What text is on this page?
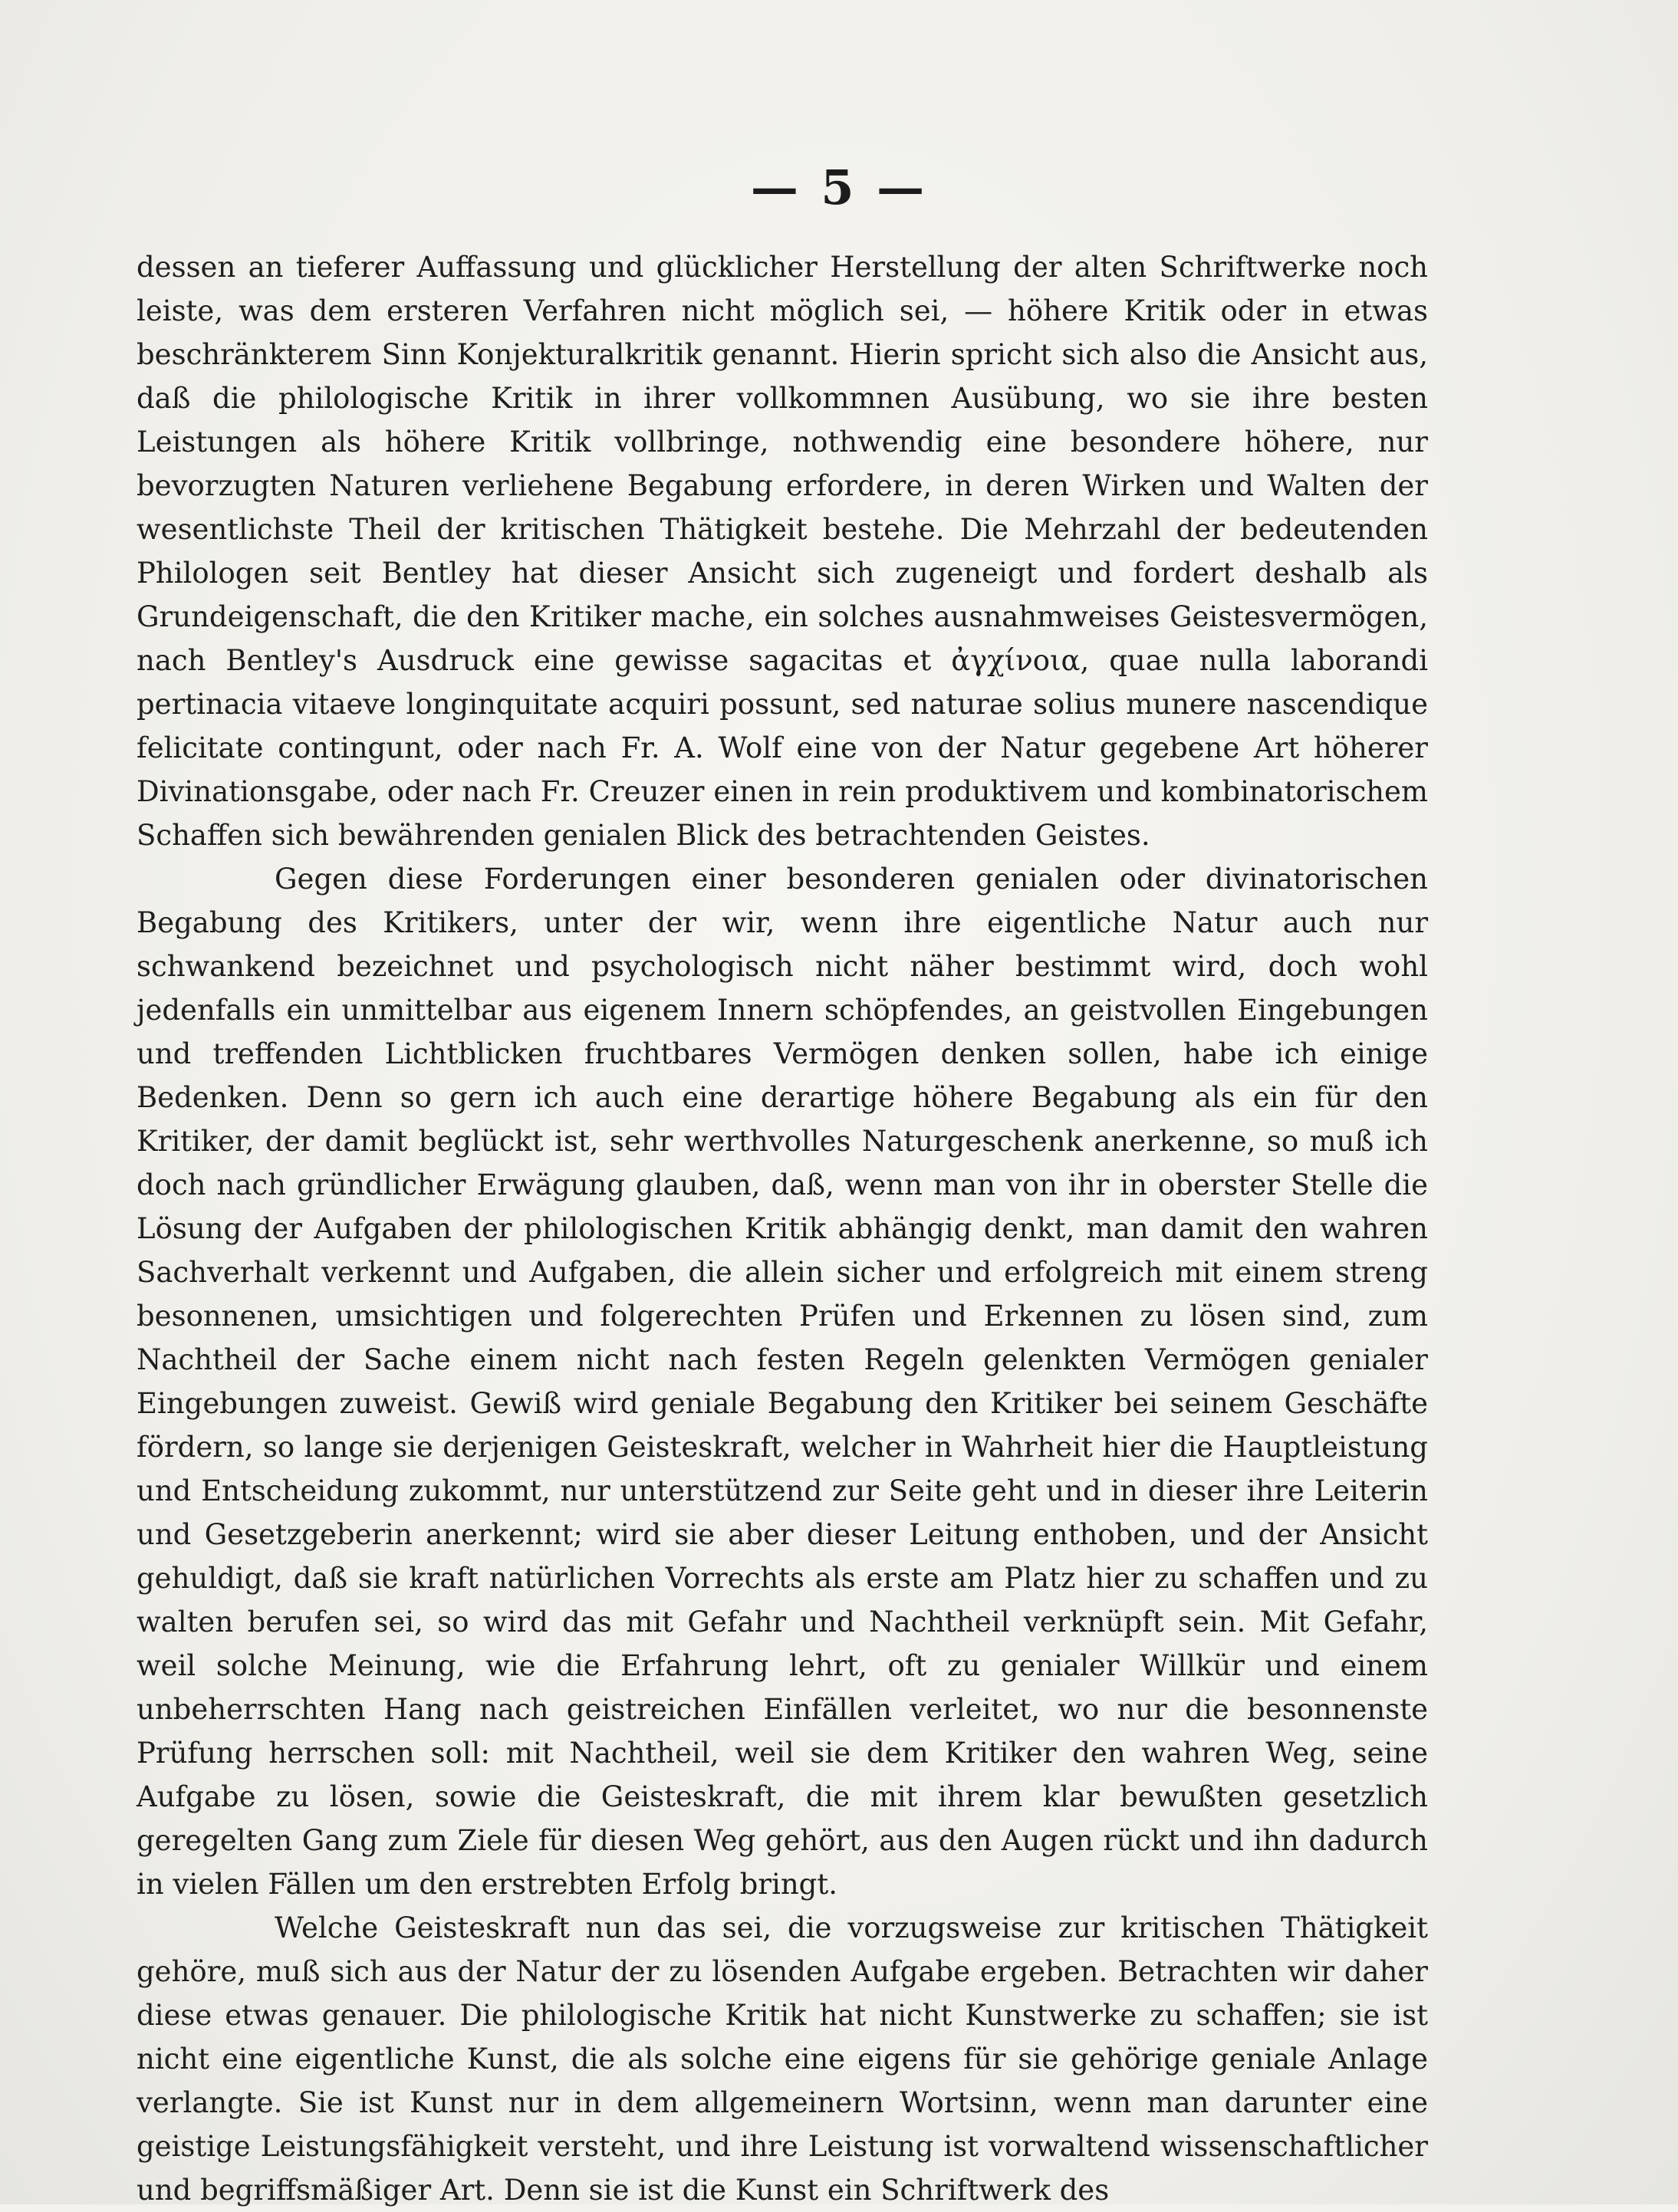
— 5 —

dessen an tieferer Auffassung und glücklicher Herstellung der alten Schriftwerke noch leiste, was dem ersteren Verfahren nicht möglich sei, — höhere Kritik oder in etwas beschränkterem Sinn Konjekturalkritik genannt. Hierin spricht sich also die Ansicht aus, daß die philologische Kritik in ihrer vollkommnen Ausübung, wo sie ihre besten Leistungen als höhere Kritik vollbringe, nothwendig eine besondere höhere, nur bevorzugten Naturen verliehene Begabung erfordere, in deren Wirken und Walten der wesentlichste Theil der kritischen Thätigkeit bestehe. Die Mehrzahl der bedeutenden Philologen seit Bentley hat dieser Ansicht sich zugeneigt und fordert deshalb als Grundeigenschaft, die den Kritiker mache, ein solches ausnahmweises Geistesvermögen, nach Bentley's Ausdruck eine gewisse sagacitas et ἀγχίνοια, quae nulla laborandi pertinacia vitaeve longinquitate acquiri possunt, sed naturae solius munere nascendique felicitate contingunt, oder nach Fr. A. Wolf eine von der Natur gegebene Art höherer Divinationsgabe, oder nach Fr. Creuzer einen in rein produktivem und kombinatorischem Schaffen sich bewährenden genialen Blick des betrachtenden Geistes.

Gegen diese Forderungen einer besonderen genialen oder divinatorischen Begabung des Kritikers, unter der wir, wenn ihre eigentliche Natur auch nur schwankend bezeichnet und psychologisch nicht näher bestimmt wird, doch wohl jedenfalls ein unmittelbar aus eigenem Innern schöpfendes, an geistvollen Eingebungen und treffenden Lichtblicken fruchtbares Vermögen denken sollen, habe ich einige Bedenken. Denn so gern ich auch eine derartige höhere Begabung als ein für den Kritiker, der damit beglückt ist, sehr werthvolles Naturgeschenk anerkenne, so muß ich doch nach gründlicher Erwägung glauben, daß, wenn man von ihr in oberster Stelle die Lösung der Aufgaben der philologischen Kritik abhängig denkt, man damit den wahren Sachverhalt verkennt und Aufgaben, die allein sicher und erfolgreich mit einem streng besonnenen, umsichtigen und folgerechten Prüfen und Erkennen zu lösen sind, zum Nachtheil der Sache einem nicht nach festen Regeln gelenkten Vermögen genialer Eingebungen zuweist. Gewiß wird geniale Begabung den Kritiker bei seinem Geschäfte fördern, so lange sie derjenigen Geisteskraft, welcher in Wahrheit hier die Hauptleistung und Entscheidung zukommt, nur unterstützend zur Seite geht und in dieser ihre Leiterin und Gesetzgeberin anerkennt; wird sie aber dieser Leitung enthoben, und der Ansicht gehuldigt, daß sie kraft natürlichen Vorrechts als erste am Platz hier zu schaffen und zu walten berufen sei, so wird das mit Gefahr und Nachtheil verknüpft sein. Mit Gefahr, weil solche Meinung, wie die Erfahrung lehrt, oft zu genialer Willkür und einem unbeherrschten Hang nach geistreichen Einfällen verleitet, wo nur die besonnenste Prüfung herrschen soll: mit Nachtheil, weil sie dem Kritiker den wahren Weg, seine Aufgabe zu lösen, sowie die Geisteskraft, die mit ihrem klar bewußten gesetzlich geregelten Gang zum Ziele für diesen Weg gehört, aus den Augen rückt und ihn dadurch in vielen Fällen um den erstrebten Erfolg bringt.

Welche Geisteskraft nun das sei, die vorzugsweise zur kritischen Thätigkeit gehöre, muß sich aus der Natur der zu lösenden Aufgabe ergeben. Betrachten wir daher diese etwas genauer. Die philologische Kritik hat nicht Kunstwerke zu schaffen; sie ist nicht eine eigentliche Kunst, die als solche eine eigens für sie gehörige geniale Anlage verlangte. Sie ist Kunst nur in dem allgemeinern Wortsinn, wenn man darunter eine geistige Leistungsfähigkeit versteht, und ihre Leistung ist vorwaltend wissenschaftlicher und begriffsmäßiger Art. Denn sie ist die Kunst ein Schriftwerk des
